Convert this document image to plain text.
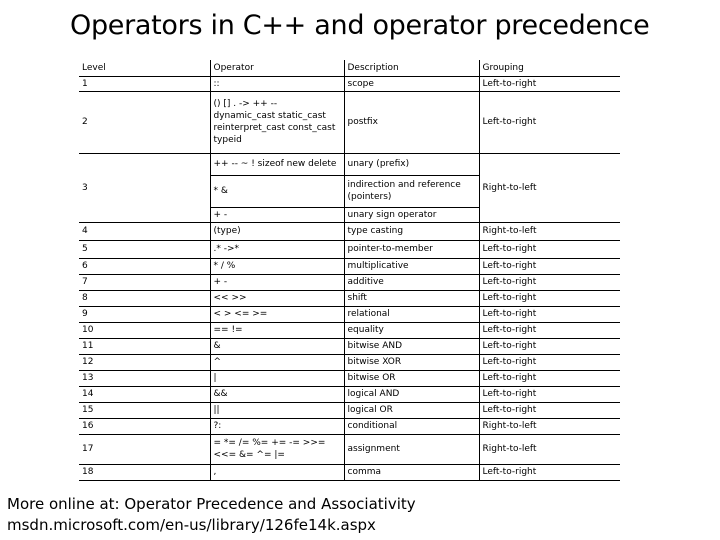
Operators in C++ and operator precedence
Level	Operator	Description	Grouping
1	::	scope	Left-to-right
2	() [] . -> ++ -- dynamic_cast static_cast reinterpret_cast const_cast typeid	postfix	Left-to-right
3	++ -- ~ ! sizeof new delete	unary (prefix)	Right-to-left
	* &	indirection and reference (pointers)	
	+ -	unary sign operator	
4	(type)	type casting	Right-to-left
5	.* ->*	pointer-to-member	Left-to-right
6	* / %	multiplicative	Left-to-right
7	+ -	additive	Left-to-right
8	<< >>	shift	Left-to-right
9	< > <= >=	relational	Left-to-right
10	== !=	equality	Left-to-right
11	&	bitwise AND	Left-to-right
12	^	bitwise XOR	Left-to-right
13	|	bitwise OR	Left-to-right
14	&&	logical AND	Left-to-right
15	||	logical OR	Left-to-right
16	?:	conditional	Right-to-left
17	= *= /= %= += -= >>= <<= &= ^= |=	assignment	Right-to-left
18	,	comma	Left-to-right
More online at: Operator Precedence and Associativity
msdn.microsoft.com/en-us/library/126fe14k.aspx
